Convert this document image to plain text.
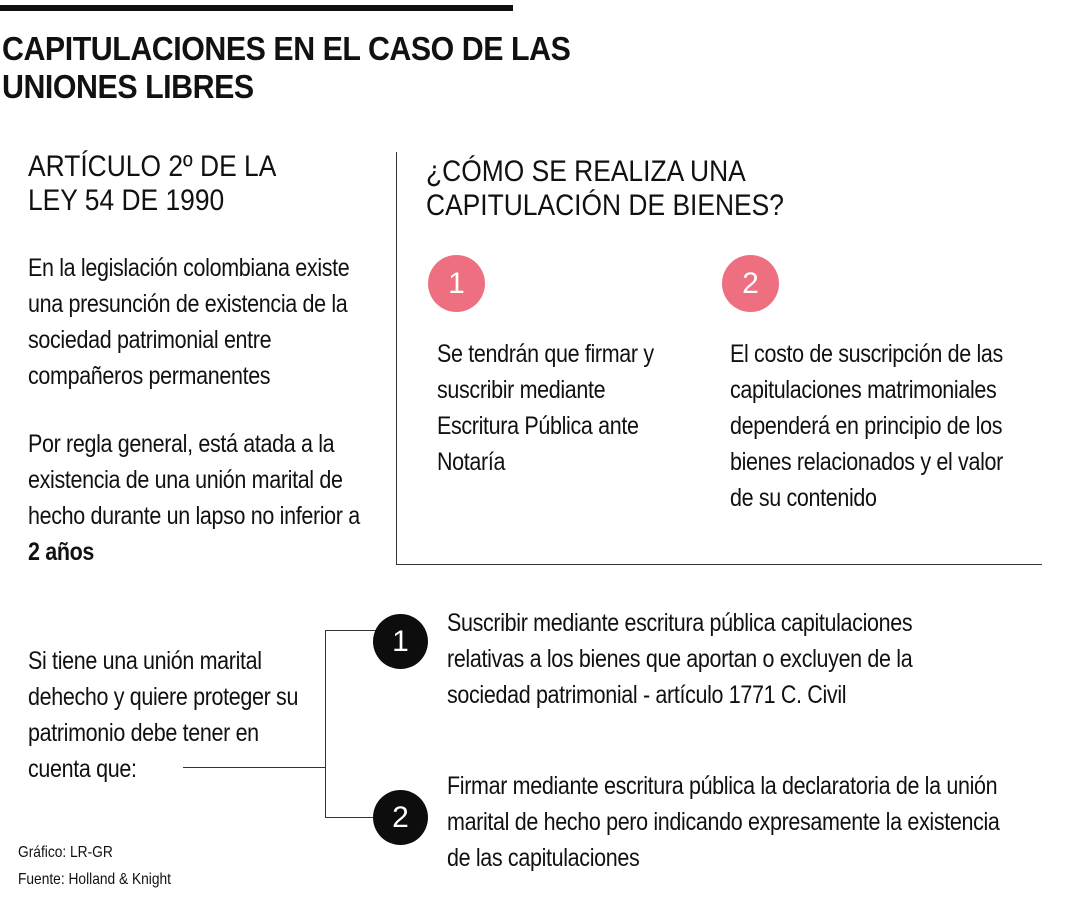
CAPITULACIONES EN EL CASO DE LAS UNIONES LIBRES
ARTÍCULO 2º DE LA LEY 54 DE 1990

En la legislación colombiana existe una presunción de existencia de la sociedad patrimonial entre compañeros permanentes

Por regla general, está atada a la existencia de una unión marital de hecho durante un lapso no inferior a 2 años

¿CÓMO SE REALIZA UNA CAPITULACIÓN DE BIENES?
1	2

Se tendrán que firmar y suscribir mediante Escritura Pública ante Notaría

El costo de suscripción de las capitulaciones matrimoniales dependerá en principio de los bienes relacionados y el valor de su contenido

Si tiene una unión marital dehecho y quiere proteger su patrimonio debe tener en cuenta que:

1
2

Suscribir mediante escritura pública capitulaciones relativas a los bienes que aportan o excluyen de la sociedad patrimonial - artículo 1771 C. Civil

Firmar mediante escritura pública la declaratoria de la unión marital de hecho pero indicando expresamente la existencia de las capitulaciones

Gráfico: LR-GR

Fuente: Holland & Knight
